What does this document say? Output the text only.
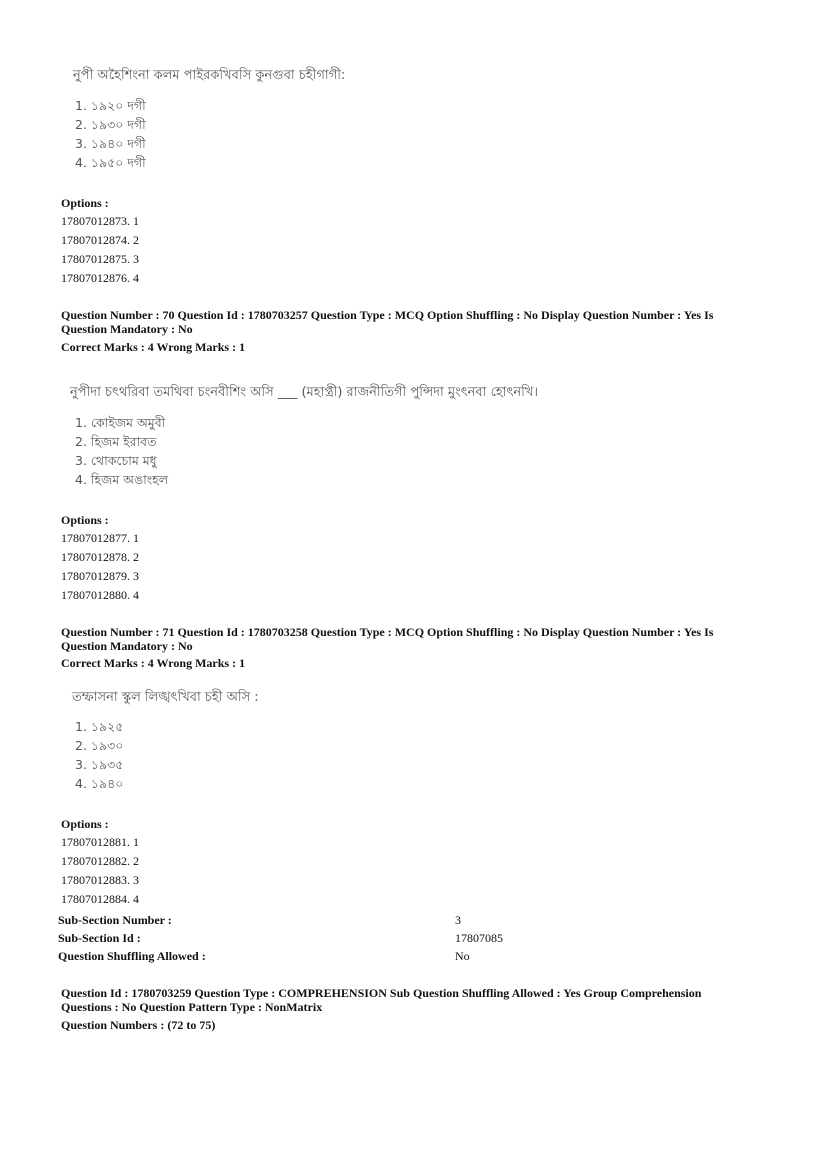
নুপী অহৈশিংনা কলম পাইরকখিবসি কুনগুবা চহীগাগী:
1. ১৯২০ দগী
2. ১৯৩০ দগী
3. ১৯৪০ দগী
4. ১৯৫০ দগী
Options :
17807012873. 1
17807012874. 2
17807012875. 3
17807012876. 4
Question Number : 70 Question Id : 1780703257 Question Type : MCQ Option Shuffling : No Display Question Number : Yes Is
Question Mandatory : No
Correct Marks : 4 Wrong Marks : 1
নুপীদা চৎথরিবা তমথিবা চংনবীশিং অসি ___ (মহাপ্ত্রী) রাজনীতিগী পুন্সিদা মুংৎনবা হোৎনখি।
1. কোইজম অমুবী
2. হিজম ইরাবত
3. থোকচোম মধু
4. হিজম অঙাংহল
Options :
17807012877. 1
17807012878. 2
17807012879. 3
17807012880. 4
Question Number : 71 Question Id : 1780703258 Question Type : MCQ Option Shuffling : No Display Question Number : Yes Is
Question Mandatory : No
Correct Marks : 4 Wrong Marks : 1
তম্ফাসনা স্কুল লিঙ্খৎখিবা চহী অসি :
1. ১৯২৫
2. ১৯৩০
3. ১৯৩৫
4. ১৯৪০
Options :
17807012881. 1
17807012882. 2
17807012883. 3
17807012884. 4
Sub-Section Number :	3
Sub-Section Id :	17807085
Question Shuffling Allowed :	No
Question Id : 1780703259 Question Type : COMPREHENSION Sub Question Shuffling Allowed : Yes Group Comprehension
Questions : No Question Pattern Type : NonMatrix
Question Numbers : (72 to 75)
